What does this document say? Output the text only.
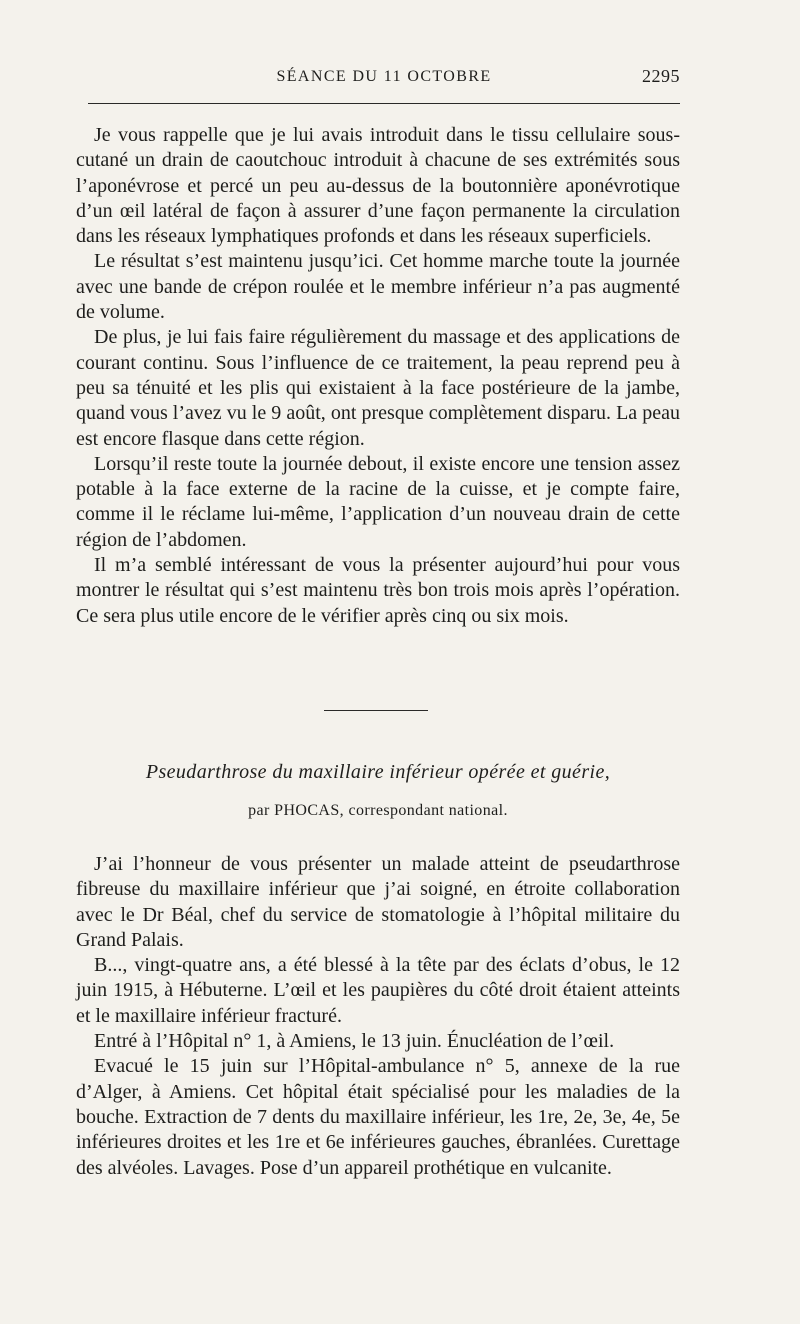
SÉANCE DU 11 OCTOBRE	2295

Je vous rappelle que je lui avais introduit dans le tissu cellulaire sous-cutané un drain de caoutchouc introduit à chacune de ses extrémités sous l’aponévrose et percé un peu au-dessus de la boutonnière aponévrotique d’un œil latéral de façon à assurer d’une façon permanente la circulation dans les réseaux lymphatiques profonds et dans les réseaux superficiels.

Le résultat s’est maintenu jusqu’ici. Cet homme marche toute la journée avec une bande de crépon roulée et le membre inférieur n’a pas augmenté de volume.

De plus, je lui fais faire régulièrement du massage et des applications de courant continu. Sous l’influence de ce traitement, la peau reprend peu à peu sa ténuité et les plis qui existaient à la face postérieure de la jambe, quand vous l’avez vu le 9 août, ont presque complètement disparu. La peau est encore flasque dans cette région.

Lorsqu’il reste toute la journée debout, il existe encore une tension assez potable à la face externe de la racine de la cuisse, et je compte faire, comme il le réclame lui-même, l’application d’un nouveau drain de cette région de l’abdomen.

Il m’a semblé intéressant de vous la présenter aujourd’hui pour vous montrer le résultat qui s’est maintenu très bon trois mois après l’opération. Ce sera plus utile encore de le vérifier après cinq ou six mois.

Pseudarthrose du maxillaire inférieur opérée et guérie,
par PHOCAS, correspondant national.

J’ai l’honneur de vous présenter un malade atteint de pseudarthrose fibreuse du maxillaire inférieur que j’ai soigné, en étroite collaboration avec le Dr Béal, chef du service de stomatologie à l’hôpital militaire du Grand Palais.

B..., vingt-quatre ans, a été blessé à la tête par des éclats d’obus, le 12 juin 1915, à Hébuterne. L’œil et les paupières du côté droit étaient atteints et le maxillaire inférieur fracturé.

Entré à l’Hôpital n° 1, à Amiens, le 13 juin. Énucléation de l’œil.

Evacué le 15 juin sur l’Hôpital-ambulance n° 5, annexe de la rue d’Alger, à Amiens. Cet hôpital était spécialisé pour les maladies de la bouche. Extraction de 7 dents du maxillaire inférieur, les 1re, 2e, 3e, 4e, 5e inférieures droites et les 1re et 6e inférieures gauches, ébranlées. Curettage des alvéoles. Lavages. Pose d’un appareil prothétique en vulcanite.
